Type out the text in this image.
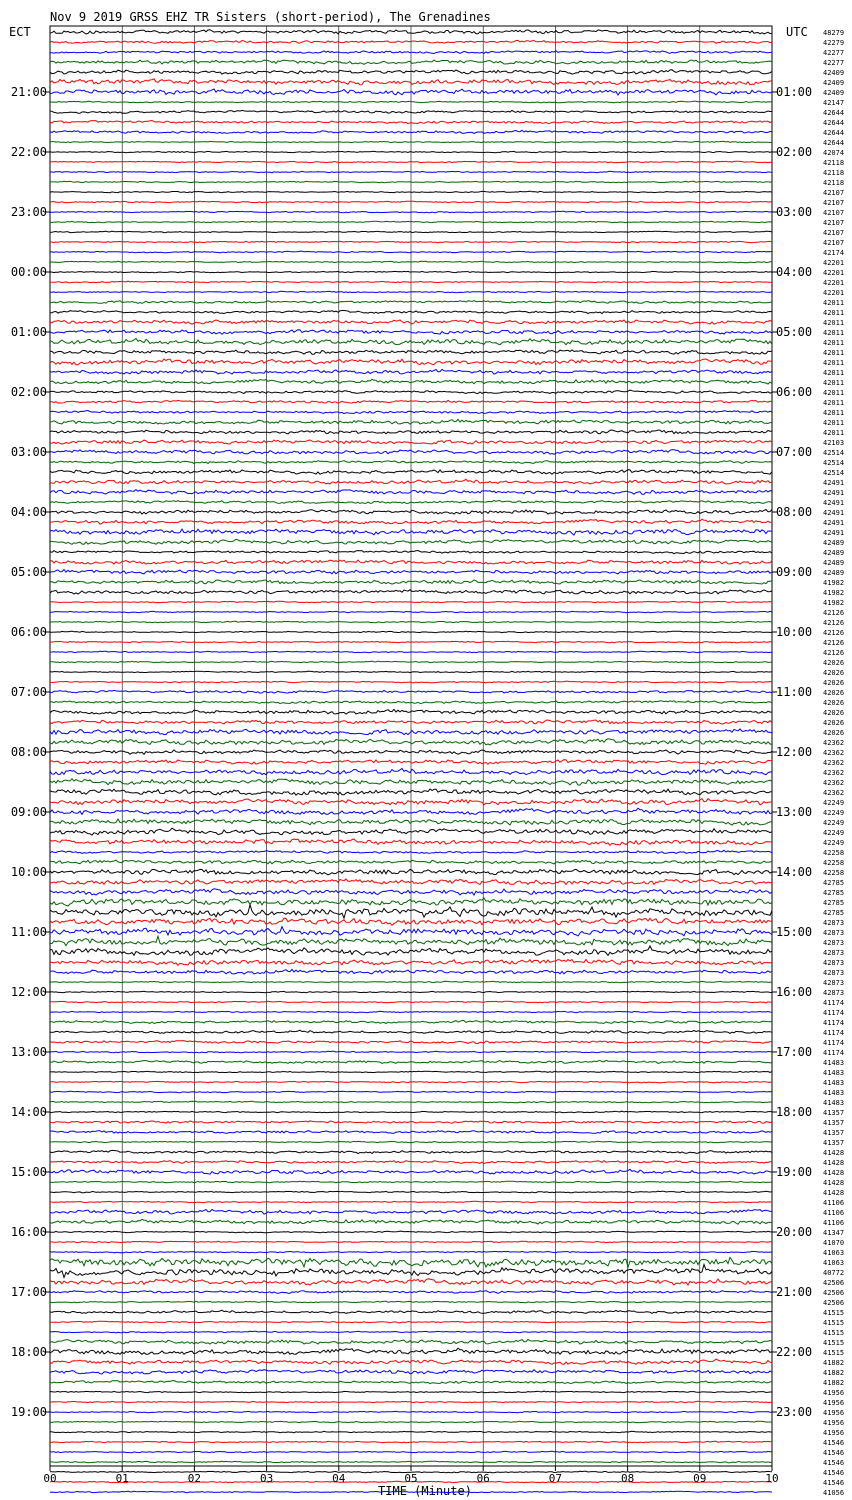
Nov 9 2019 GRSS EHZ TR Sisters (short-period), The Grenadines
ECT	UTC
TIME (Minute)
21:00
22:00
23:00
00:00
01:00
02:00
03:00
04:00
05:00
06:00
07:00
08:00
09:00
10:00
11:00
12:00
13:00
14:00
15:00
16:00
17:00
18:00
19:00
01:00
02:00
03:00
04:00
05:00
06:00
07:00
08:00
09:00
10:00
11:00
12:00
13:00
14:00
15:00
16:00
17:00
18:00
19:00
20:00
21:00
22:00
23:00
48279
42279
42277
42277
42409
42409
42409
42147
42644
42644
42644
42644
42074
42118
42118
42118
42107
42107
42107
42107
42107
42107
42174
42201
42201
42201
42201
42011
42011
42011
42011
42011
42011
42011
42011
42011
42011
42011
42011
42011
42011
42103
42514
42514
42514
42491
42491
42491
42491
42491
42491
42489
42489
42489
42489
41982
41982
41982
42126
42126
42126
42126
42126
42026
42026
42026
42026
42026
42026
42026
42026
42362
42362
42362
42362
42362
42362
42249
42249
42249
42249
42249
42258
42258
42258
42785
42785
42785
42785
42873
42873
42873
42873
42873
42873
42873
42873
41174
41174
41174
41174
41174
41174
41483
41483
41483
41483
41483
41357
41357
41357
41357
41428
41428
41428
41428
41428
41106
41106
41106
41347
41070
41063
41063
40772
42506
42506
42506
41515
41515
41515
41515
41515
41882
41882
41882
41956
41956
41956
41956
41956
41546
41546
41546
41546
41546
41056
00	01	02	03	04	05	06	07	08	09	10
